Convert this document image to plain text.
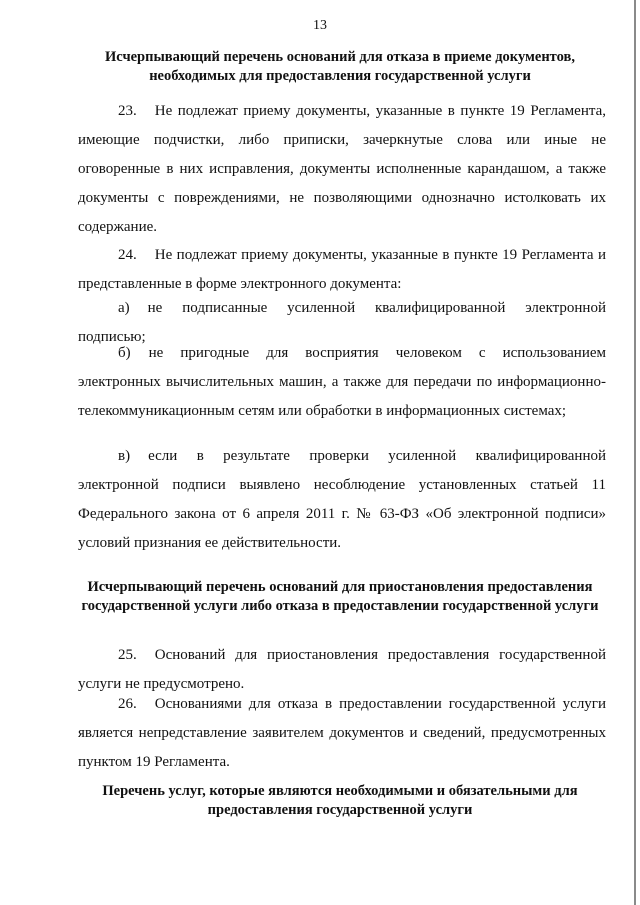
13
Исчерпывающий перечень оснований для отказа в приеме документов, необходимых для предоставления государственной услуги
23. Не подлежат приему документы, указанные в пункте 19 Регламента, имеющие подчистки, либо приписки, зачеркнутые слова или иные не оговоренные в них исправления, документы исполненные карандашом, а также документы с повреждениями, не позволяющими однозначно истолковать их содержание.
24. Не подлежат приему документы, указанные в пункте 19 Регламента и представленные в форме электронного документа:
а) не подписанные усиленной квалифицированной электронной подписью;
б) не пригодные для восприятия человеком с использованием электронных вычислительных машин, а также для передачи по информационно-телекоммуникационным сетям или обработки в информационных системах;
в) если в результате проверки усиленной квалифицированной электронной подписи выявлено несоблюдение установленных статьей 11 Федерального закона от 6 апреля 2011 г. № 63-ФЗ «Об электронной подписи» условий признания ее действительности.
Исчерпывающий перечень оснований для приостановления предоставления государственной услуги либо отказа в предоставлении государственной услуги
25. Оснований для приостановления предоставления государственной услуги не предусмотрено.
26. Основаниями для отказа в предоставлении государственной услуги является непредставление заявителем документов и сведений, предусмотренных пунктом 19 Регламента.
Перечень услуг, которые являются необходимыми и обязательными для предоставления государственной услуги
